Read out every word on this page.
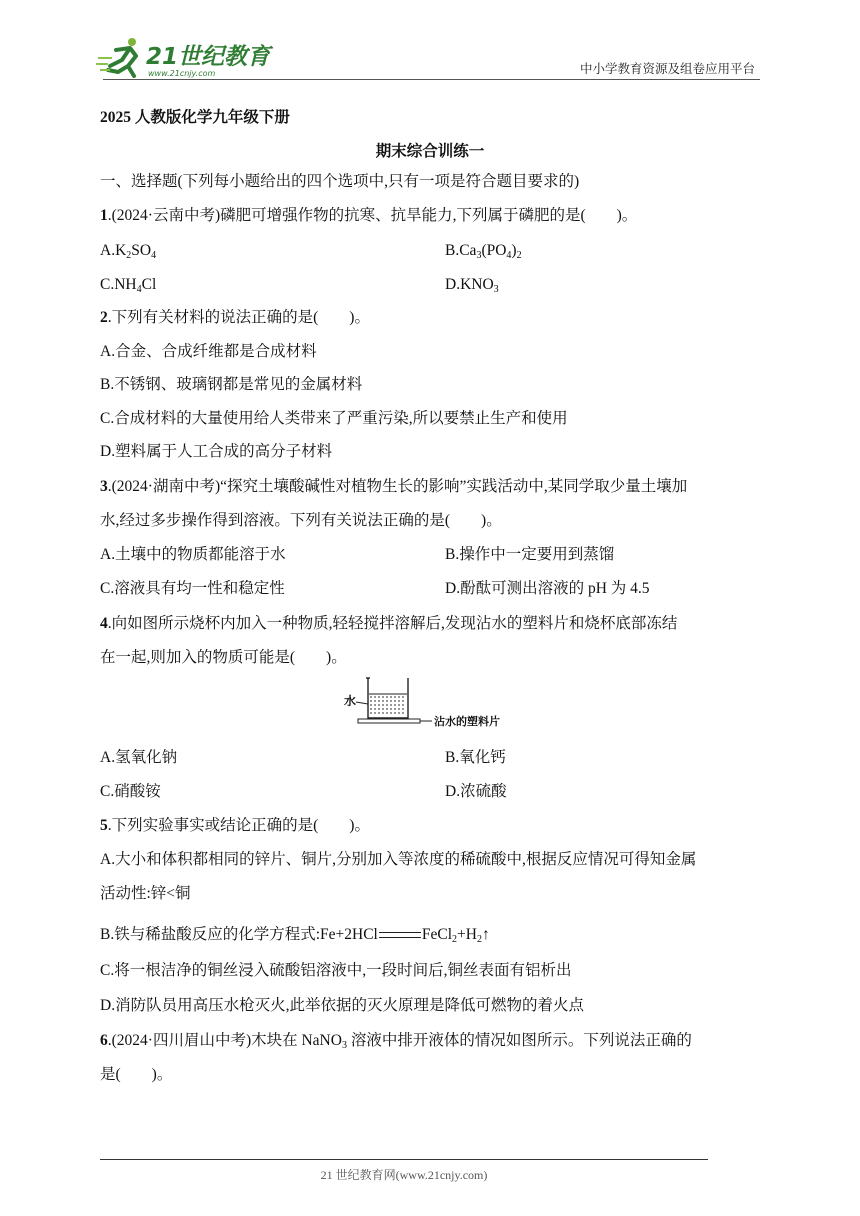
21世纪教育
www.21cnjy.com	中小学教育资源及组卷应用平台
2025 人教版化学九年级下册
期末综合训练一
一、选择题(下列每小题给出的四个选项中,只有一项是符合题目要求的)
1.(2024·云南中考)磷肥可增强作物的抗寒、抗旱能力,下列属于磷肥的是(　　)。
$A.K_2SO_4$	$B.Ca_3(PO_4)_2$
$C.NH_4Cl$	$D.KNO_3$
2.下列有关材料的说法正确的是(　　)。
A.合金、合成纤维都是合成材料
B.不锈钢、玻璃钢都是常见的金属材料
C.合成材料的大量使用给人类带来了严重污染,所以要禁止生产和使用
D.塑料属于人工合成的高分子材料
3.(2024·湖南中考)“探究土壤酸碱性对植物生长的影响”实践活动中,某同学取少量土壤加
水,经过多步操作得到溶液。下列有关说法正确的是(　　)。
A.土壤中的物质都能溶于水	B.操作中一定要用到蒸馏
C.溶液具有均一性和稳定性	D.酚酞可测出溶液的 pH 为 4.5
4.向如图所示烧杯内加入一种物质,轻轻搅拌溶解后,发现沾水的塑料片和烧杯底部冻结
在一起,则加入的物质可能是(　　)。
水
沾水的塑料片
A.氢氧化钠	B.氧化钙
C.硝酸铵	D.浓硫酸
5.下列实验事实或结论正确的是(　　)。
A.大小和体积都相同的锌片、铜片,分别加入等浓度的稀硫酸中,根据反应情况可得知金属
活动性:锌<铜
B.铁与稀盐酸反应的化学方程式:Fe+2HCl	$FeCl_2+H_2↑$
C.将一根洁净的铜丝浸入硫酸铝溶液中,一段时间后,铜丝表面有铝析出
D.消防队员用高压水枪灭火,此举依据的灭火原理是降低可燃物的着火点
6.(2024·四川眉山中考)木块在 NaNO$_3$ 溶液中排开液体的情况如图所示。下列说法正确的
是(　　)。
21 世纪教育网(www.21cnjy.com)
